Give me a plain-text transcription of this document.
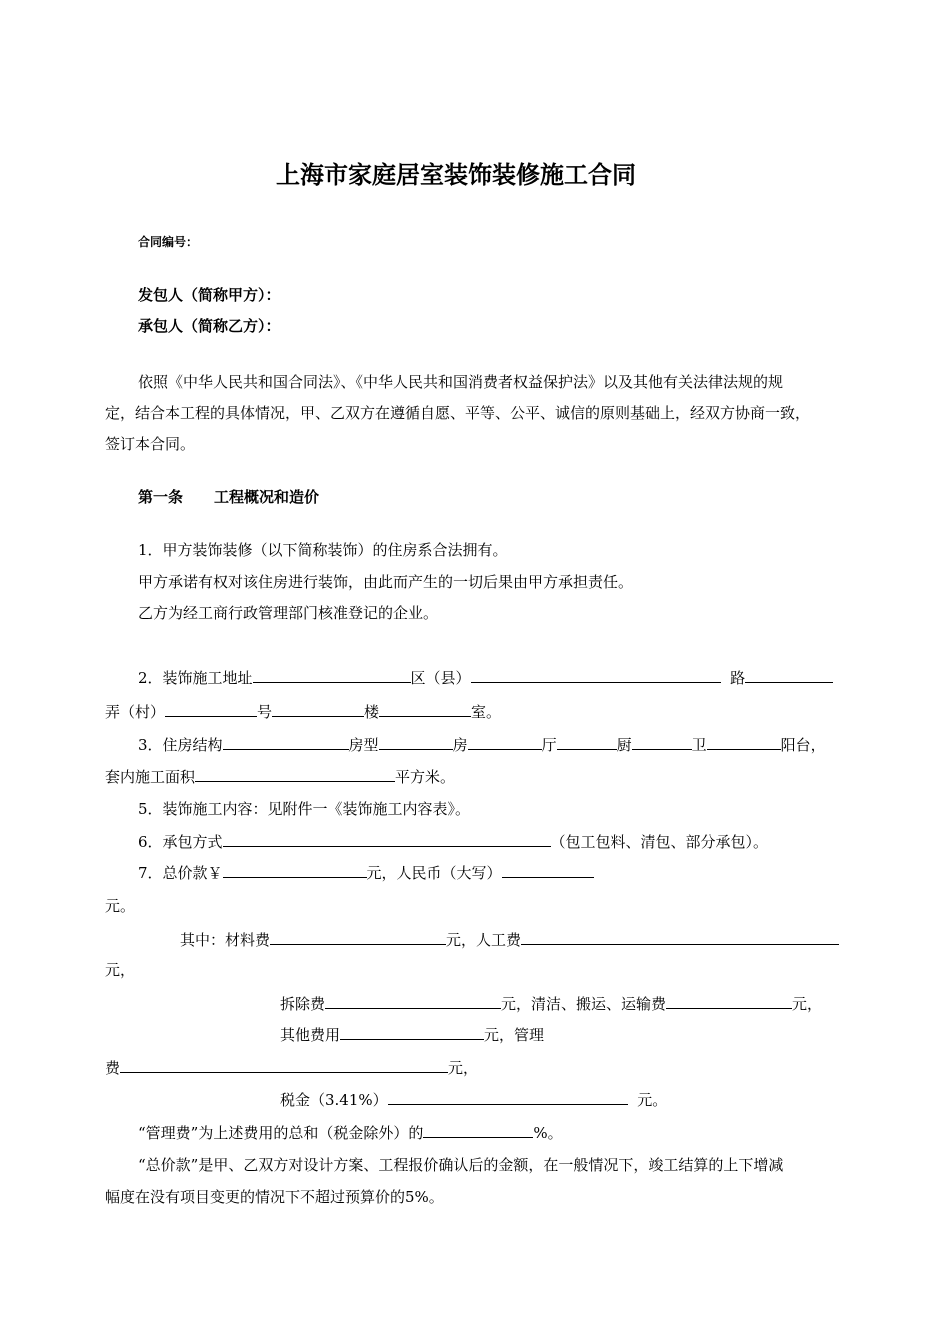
上海市家庭居室装饰装修施工合同
合同编号：
发包人（简称甲方）：
承包人（简称乙方）：
依照《中华人民共和国合同法》、《中华人民共和国消费者权益保护法》以及其他有关法律法规的规
定，结合本工程的具体情况，甲、乙双方在遵循自愿、平等、公平、诚信的原则基础上，经双方协商一致，
签订本合同。
第一条 工程概况和造价
1．甲方装饰装修（以下简称装饰）的住房系合法拥有。
甲方承诺有权对该住房进行装饰，由此而产生的一切后果由甲方承担责任。
乙方为经工商行政管理部门核准登记的企业。
2．装饰施工地址	区（县）	路
弄（村）	号	楼	室。
3．住房结构	房型	房	厅	厨	卫	阳台，
套内施工面积	平方米。
5．装饰施工内容：见附件一《装饰施工内容表》。
6．承包方式	（包工包料、清包、部分承包）。
7．总价款￥	元，人民币（大写）
元。
其中：材料费	元，人工费
元，
拆除费	元，清洁、搬运、运输费	元，
其他费用	元，管理
费	元，
税金（3.41%）	元。
“管理费”为上述费用的总和（税金除外）的	%。
“总价款”是甲、乙双方对设计方案、工程报价确认后的金额，在一般情况下，竣工结算的上下增减
幅度在没有项目变更的情况下不超过预算价的5%。
